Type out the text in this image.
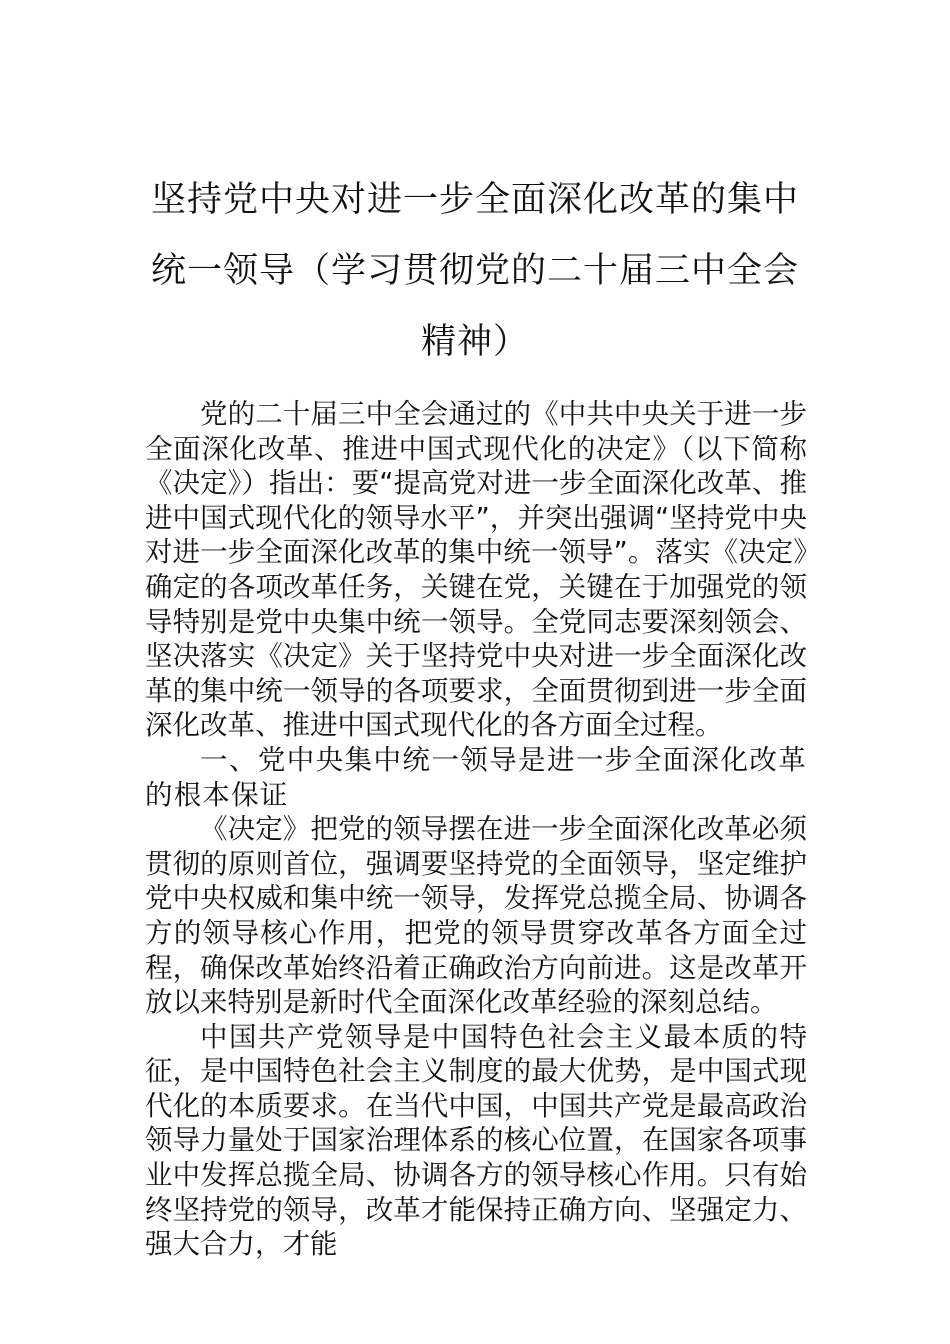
坚持党中央对进一步全面深化改革的集中统一领导（学习贯彻党的二十届三中全会精神）

党的二十届三中全会通过的《中共中央关于进一步全面深化改革、推进中国式现代化的决定》（以下简称《决定》）指出：要“提高党对进一步全面深化改革、推进中国式现代化的领导水平”，并突出强调“坚持党中央对进一步全面深化改革的集中统一领导”。落实《决定》确定的各项改革任务，关键在党，关键在于加强党的领导特别是党中央集中统一领导。全党同志要深刻领会、坚决落实《决定》关于坚持党中央对进一步全面深化改革的集中统一领导的各项要求，全面贯彻到进一步全面深化改革、推进中国式现代化的各方面全过程。

一、党中央集中统一领导是进一步全面深化改革的根本保证

《决定》把党的领导摆在进一步全面深化改革必须贯彻的原则首位，强调要坚持党的全面领导，坚定维护党中央权威和集中统一领导，发挥党总揽全局、协调各方的领导核心作用，把党的领导贯穿改革各方面全过程，确保改革始终沿着正确政治方向前进。这是改革开放以来特别是新时代全面深化改革经验的深刻总结。

中国共产党领导是中国特色社会主义最本质的特征，是中国特色社会主义制度的最大优势，是中国式现代化的本质要求。在当代中国，中国共产党是最高政治领导力量处于国家治理体系的核心位置，在国家各项事业中发挥总揽全局、协调各方的领导核心作用。只有始终坚持党的领导，改革才能保持正确方向、坚强定力、强大合力，才能
